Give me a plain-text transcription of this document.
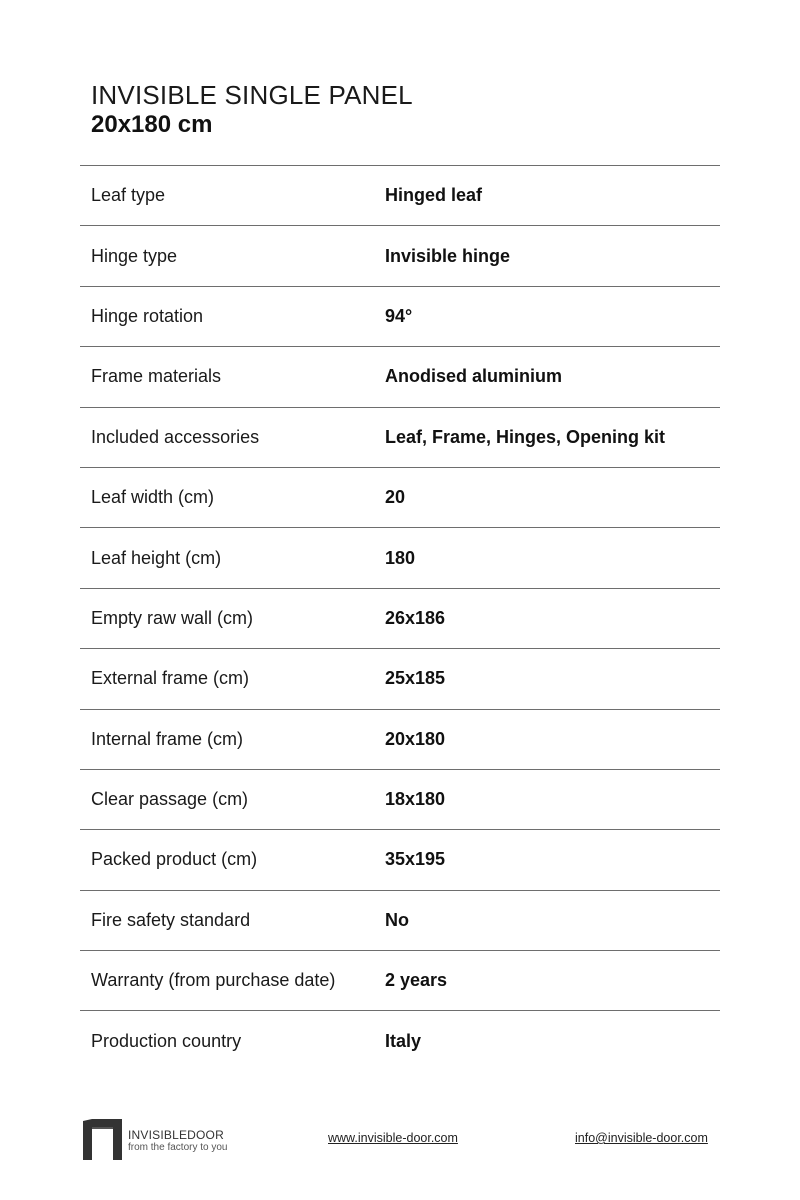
INVISIBLE SINGLE PANEL
20x180 cm
Leaf type	Hinged leaf
Hinge type	Invisible hinge
Hinge rotation	94°
Frame materials	Anodised aluminium
Included accessories	Leaf, Frame, Hinges, Opening kit
Leaf width (cm)	20
Leaf height (cm)	180
Empty raw wall (cm)	26x186
External frame (cm)	25x185
Internal frame (cm)	20x180
Clear passage (cm)	18x180
Packed product (cm)	35x195
Fire safety standard	No
Warranty (from purchase date)	2 years
Production country	Italy
INVISIBLEDOOR
from the factory to you
www.invisible-door.com	info@invisible-door.com
